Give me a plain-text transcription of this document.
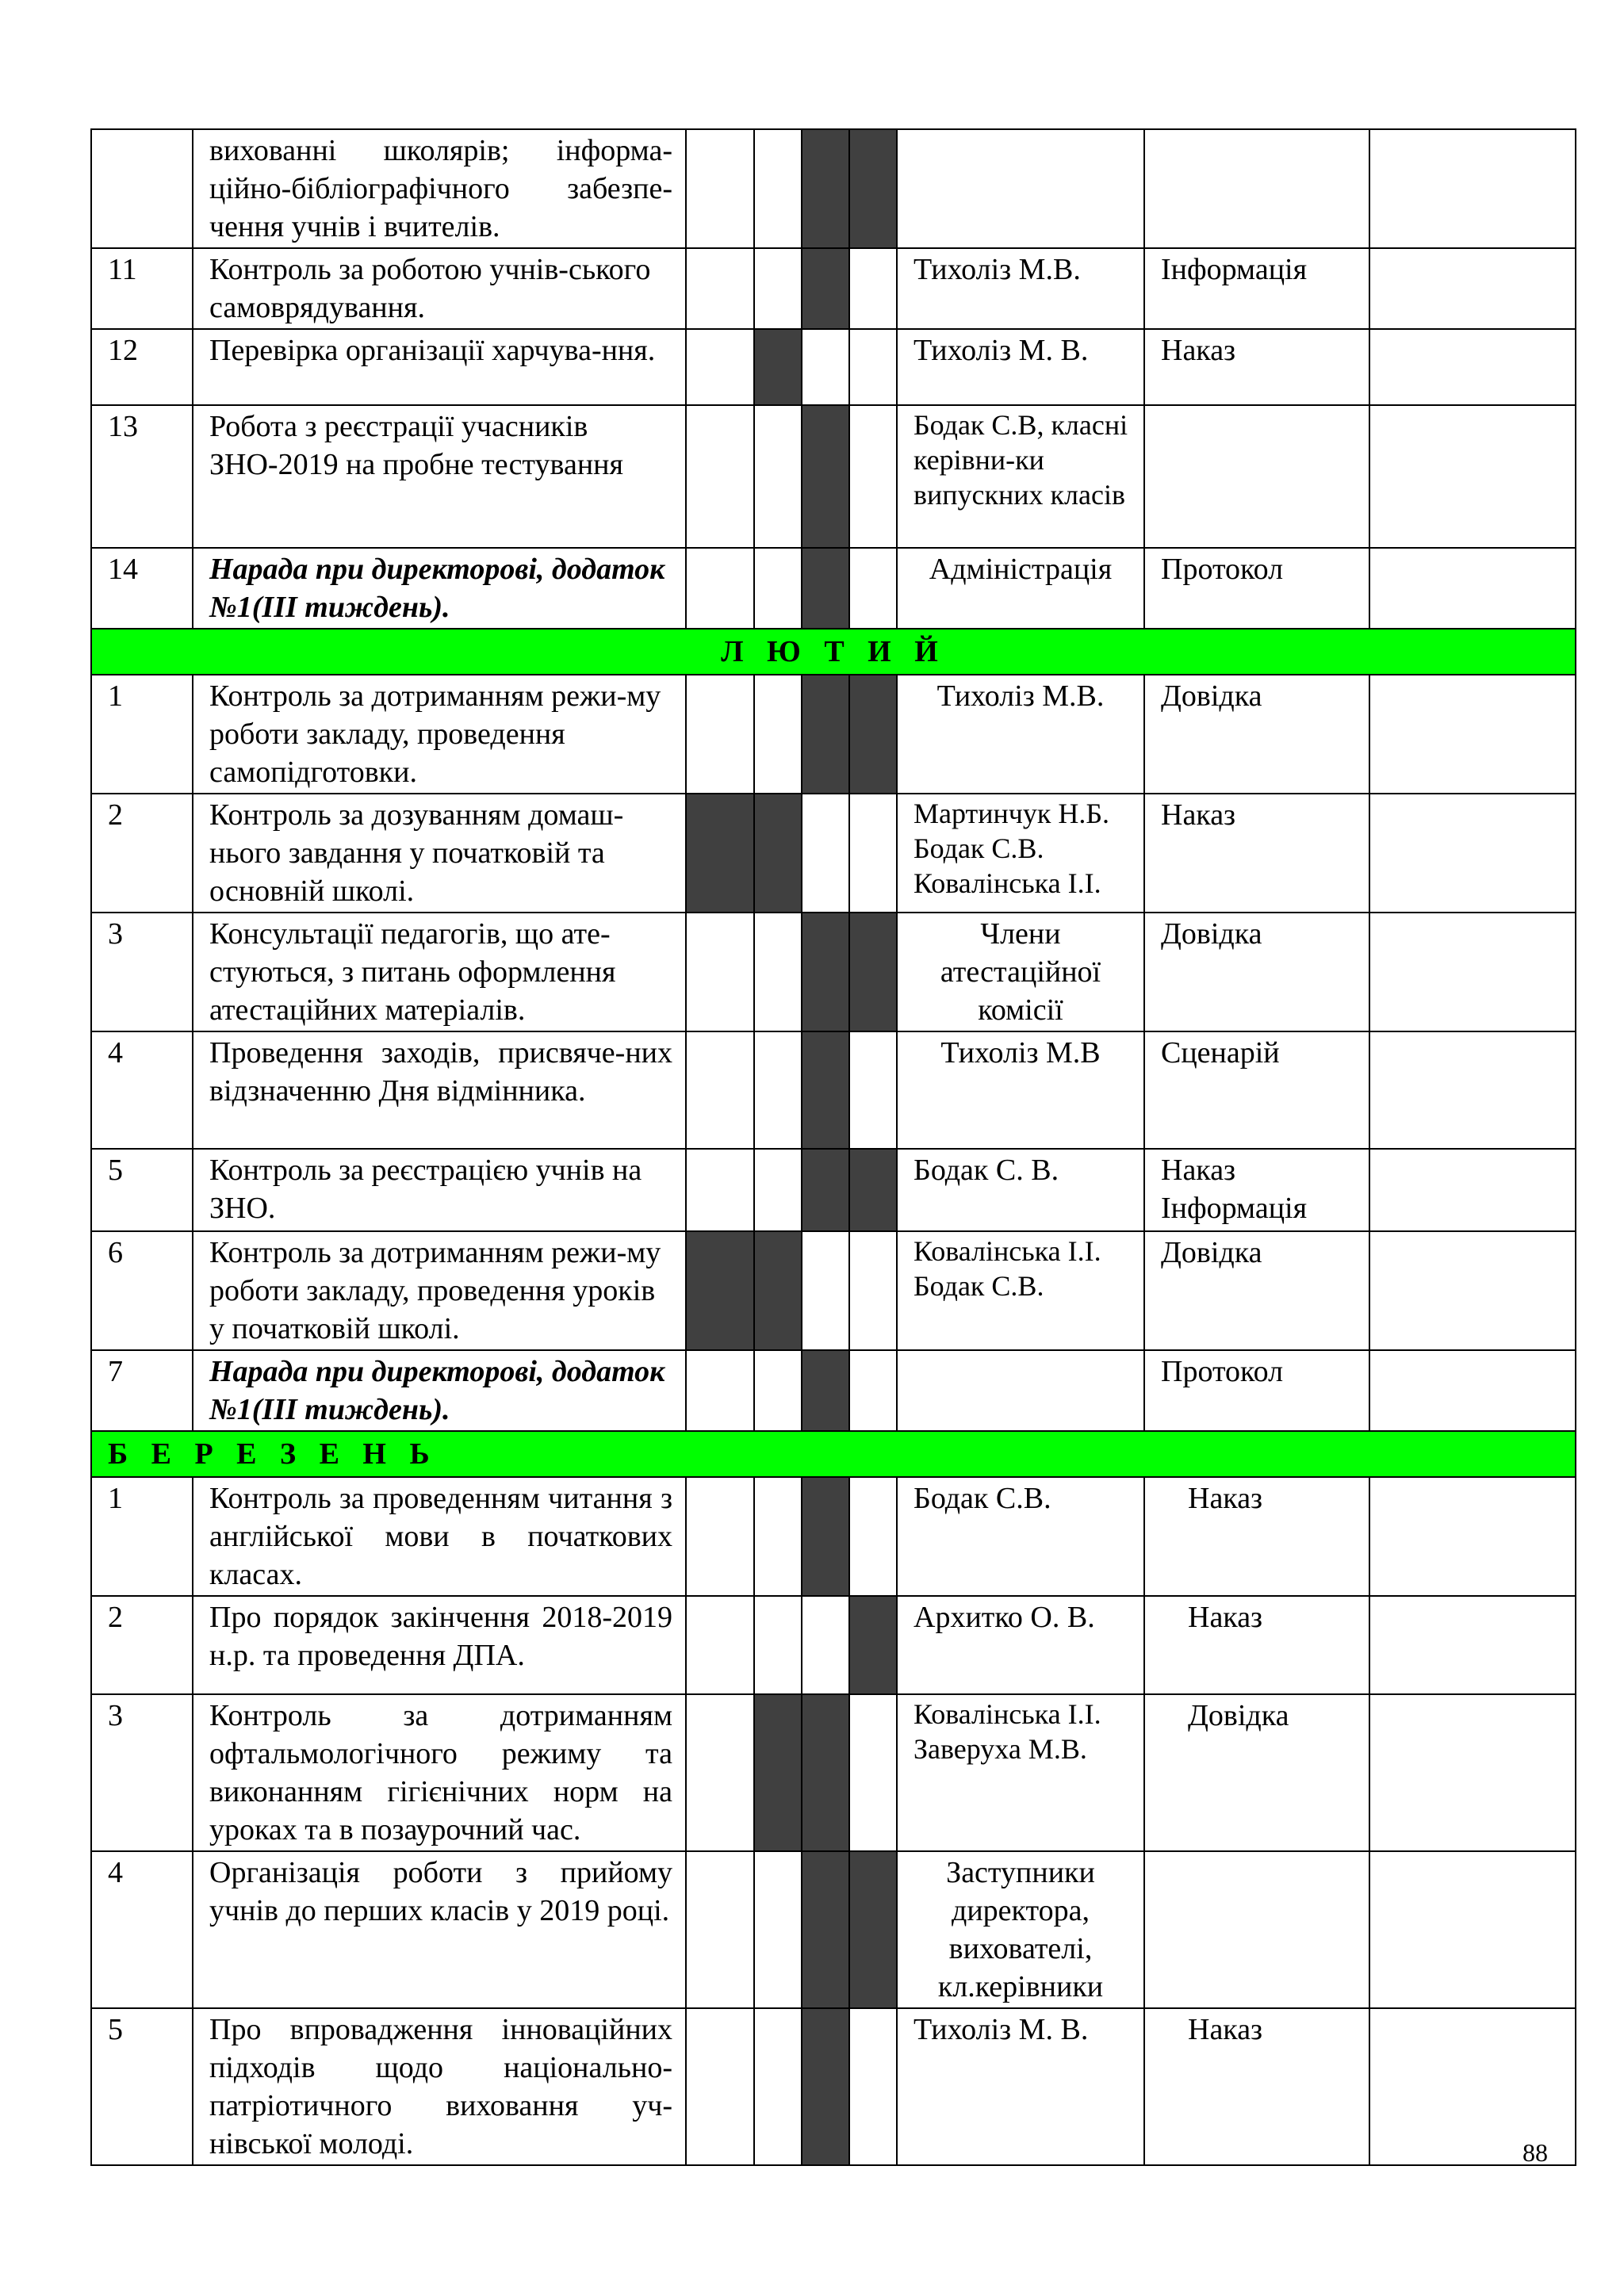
	вихованні школярів; інформа-ційно-бібліографічного забезпе-чення учнів і вчителів.							
11	Контроль за роботою учнів-ського самоврядування.					Тихоліз М.В.	Інформація	
12	Перевірка організації харчува-ння.					Тихоліз М. В.	Наказ	
13	Робота з реєстрації учасників ЗНО-2019 на пробне тестування					Бодак С.В, класні керівни-ки випускних класів		
14	Нарада при директорові, додаток №1(ІІІ тиждень).					Адміністрація	Протокол	
Л Ю Т И Й								
1	Контроль за дотриманням режи-му роботи закладу, проведення самопідготовки.					Тихоліз М.В.	Довідка	
2	Контроль за дозуванням домаш-нього завдання у початковій та основній школі.					Мартинчук Н.Б. Бодак С.В. Ковалінська І.І.	Наказ	
3	Консультації педагогів, що ате-стуються, з питань оформлення атестаційних матеріалів.					Члени атестаційної комісії	Довідка	
4	Проведення заходів, присвяче-них відзначенню Дня відмінника.					Тихоліз М.В	Сценарій	
5	Контроль за реєстрацією учнів на ЗНО.					Бодак С. В.	Наказ Інформація	
6	Контроль за дотриманням режи-му роботи закладу, проведення уроків у початковій школі.					Ковалінська І.І. Бодак С.В.	Довідка	
7	Нарада при директорові, додаток №1(ІІІ тиждень).						Протокол	
Б Е Р Е З Е Н Ь								
1	Контроль за проведенням читання з англійської мови в початкових класах.					Бодак С.В.	Наказ	
2	Про порядок закінчення 2018-2019 н.р. та проведення ДПА.					Архитко О. В.	Наказ	
3	Контроль за дотриманням офтальмологічного режиму та виконанням гігієнічних норм на уроках та в позаурочний час.					Ковалінська І.І. Заверуха М.В.	Довідка	
4	Організація роботи з прийому учнів до перших класів у 2019 році.					Заступники директора, вихователі, кл.керівники		
5	Про впровадження інноваційних підходів щодо національно-патріотичного виховання уч-нівської молоді.					Тихоліз М. В.	Наказ	
88
